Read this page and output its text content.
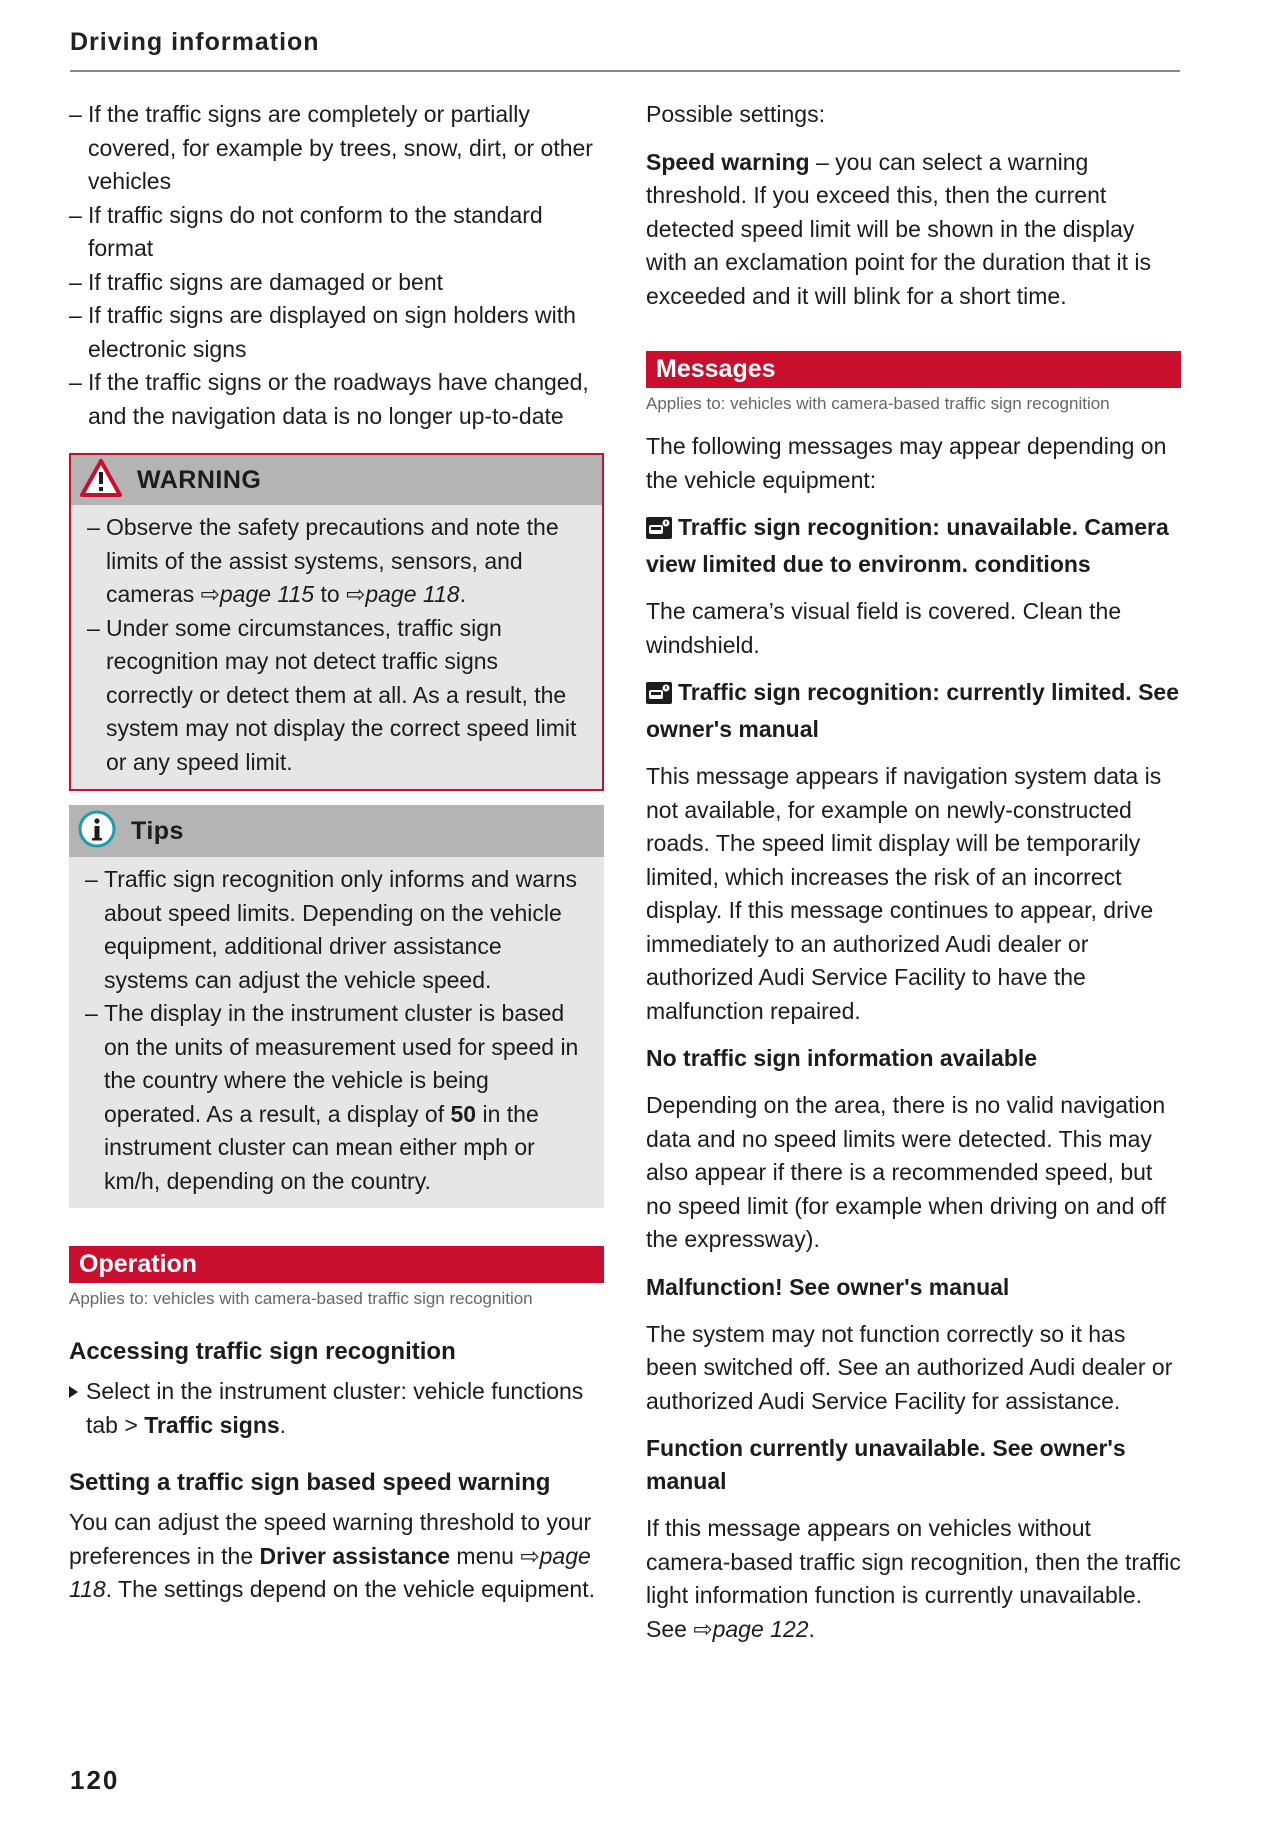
Driving information
– If the traffic signs are completely or partially covered, for example by trees, snow, dirt, or other vehicles
– If traffic signs do not conform to the standard format
– If traffic signs are damaged or bent
– If traffic signs are displayed on sign holders with electronic signs
– If the traffic signs or the roadways have changed, and the navigation data is no longer up-to-date
WARNING
– Observe the safety precautions and note the limits of the assist systems, sensors, and cameras ⇨page 115 to ⇨page 118.
– Under some circumstances, traffic sign recognition may not detect traffic signs correctly or detect them at all. As a result, the system may not display the correct speed limit or any speed limit.
Tips
– Traffic sign recognition only informs and warns about speed limits. Depending on the vehicle equipment, additional driver assistance systems can adjust the vehicle speed.
– The display in the instrument cluster is based on the units of measurement used for speed in the country where the vehicle is being operated. As a result, a display of 50 in the instrument cluster can mean either mph or km/h, depending on the country.
Operation
Applies to: vehicles with camera-based traffic sign recognition
Accessing traffic sign recognition
Select in the instrument cluster: vehicle functions tab > Traffic signs.
Setting a traffic sign based speed warning

You can adjust the speed warning threshold to your preferences in the Driver assistance menu ⇨page 118. The settings depend on the vehicle equipment.

Possible settings:

Speed warning – you can select a warning threshold. If you exceed this, then the current detected speed limit will be shown in the display with an exclamation point for the duration that it is exceeded and it will blink for a short time.

Messages
Applies to: vehicles with camera-based traffic sign recognition

The following messages may appear depending on the vehicle equipment:

Traffic sign recognition: unavailable. Camera view limited due to environm. conditions

The camera’s visual field is covered. Clean the windshield.

Traffic sign recognition: currently limited. See owner's manual

This message appears if navigation system data is not available, for example on newly-constructed roads. The speed limit display will be temporarily limited, which increases the risk of an incorrect display. If this message continues to appear, drive immediately to an authorized Audi dealer or authorized Audi Service Facility to have the malfunction repaired.

No traffic sign information available

Depending on the area, there is no valid navigation data and no speed limits were detected. This may also appear if there is a recommended speed, but no speed limit (for example when driving on and off the expressway).

Malfunction! See owner's manual

The system may not function correctly so it has been switched off. See an authorized Audi dealer or authorized Audi Service Facility for assistance.

Function currently unavailable. See owner's manual

If this message appears on vehicles without camera-based traffic sign recognition, then the traffic light information function is currently unavailable. See ⇨page 122.

120
